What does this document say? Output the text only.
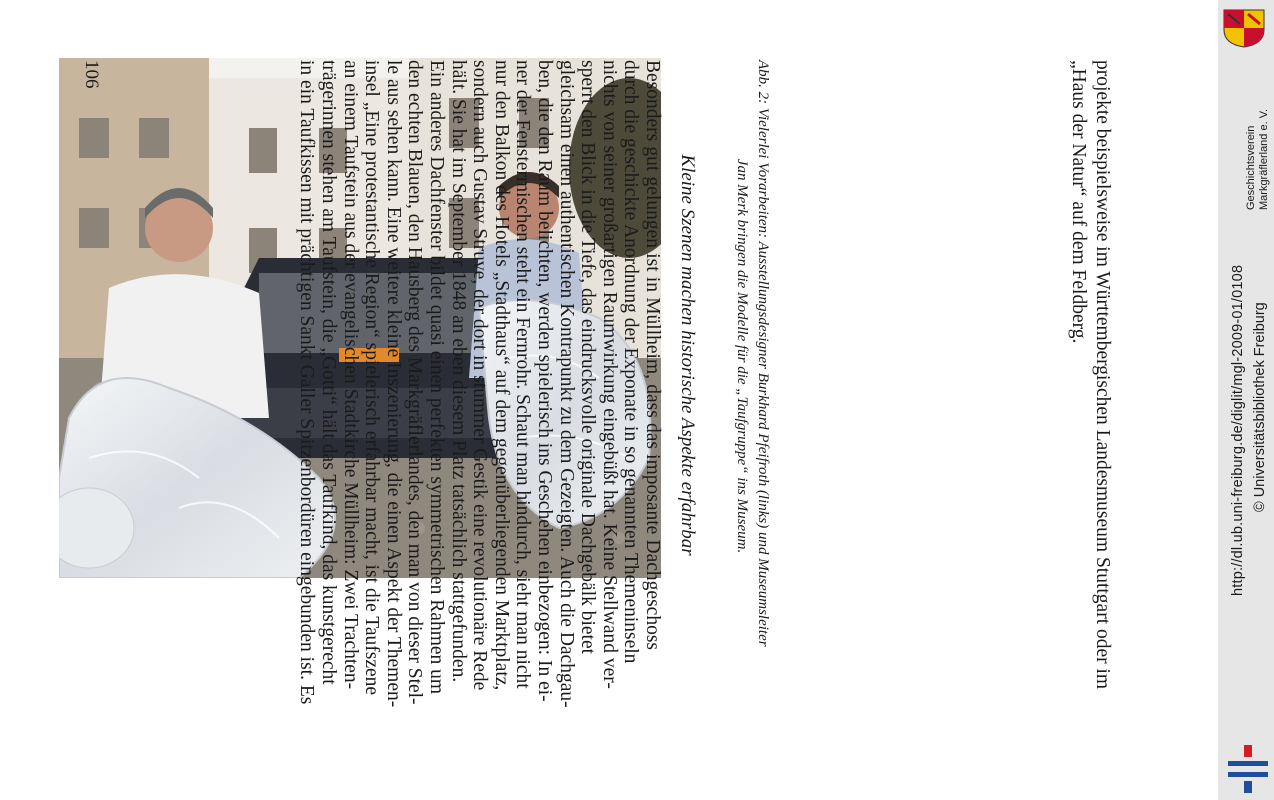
projekte beispielsweise im Württembergischen Landesmuseum Stuttgart oder im
„Haus der Natur“ auf dem Feldberg.
Abb. 2: Vielerlei Vorarbeiten: Ausstellungsdesigner Burkhard Pfeifroth (links) und Museumsleiter
Jan Merk bringen die Modelle für die „Taufgruppe“ ins Museum.
Kleine Szenen machen historische Aspekte erfahrbar
Besonders gut gelungen ist in Müllheim, dass das imposante Dachgeschoss
durch die geschickte Anordnung der Exponate in so genannten Themeninseln
nichts von seiner großartigen Raumwirkung eingebüßt hat. Keine Stellwand ver-
sperrt den Blick in die Tiefe, das eindrucksvolle originale Dachgebälk bietet
gleichsam einen authentischen Kontrapunkt zu dem Gezeigten. Auch die Dachgau-
ben, die den Raum belichten, werden spielerisch ins Geschehen einbezogen: In ei-
ner der Fenstermischen steht ein Fernrohr. Schaut man hindurch, sieht man nicht
nur den Balkon des Hotels „Stadthaus“ auf dem gegenüberliegenden Marktplatz,
sondern auch Gustav Struve, der dort in stummer Gestik eine revolutionäre Rede
hält. Sie hat im September 1848 an eben diesem Platz tatsächlich stattgefunden.
Ein anderes Dachfenster bildet quasi einen perfekten symmetrischen Rahmen um
den echten Blauen, den Hausberg des Markgräflerlandes, den man von dieser Stel-
le aus sehen kann. Eine weitere kleine Inszenierung, die einen Aspekt der Themen-
insel „Eine protestantische Region“ spielerisch erfahrbar macht, ist die Taufszene
an einem Taufstein aus der evangelischen Stadtkirche Müllheim: Zwei Trachten-
trägerinnen stehen am Taufstein, die „Gotti“ hält das Taufkind, das kunstgerecht
in ein Taufkissen mit prächtigen Sankt Galler Spitzenbordüren eingebunden ist. Es
106
Geschichtsverein Markgräflerland e. V.
http://dl.ub.uni-freiburg.de/diglit/mgl-2009-01/0108 © Universitätsbibliothek Freiburg
